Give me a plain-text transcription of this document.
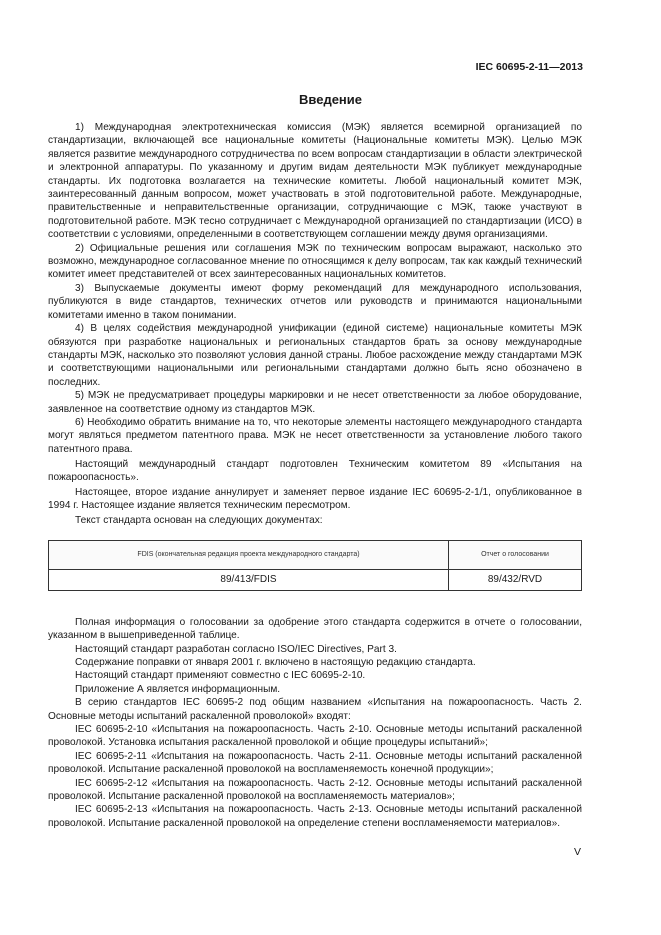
IEC 60695-2-11—2013
Введение

1) Международная электротехническая комиссия (МЭК) является всемирной организацией по стандартизации, включающей все национальные комитеты (Национальные комитеты МЭК). Целью МЭК является развитие международного сотрудничества по всем вопросам стандартизации в области электрической и электронной аппаратуры. По указанному и другим видам деятельности МЭК публикует международные стандарты. Их подготовка возлагается на технические комитеты. Любой национальный комитет МЭК, заинтересованный данным вопросом, может участвовать в этой подготовительной работе. Международные, правительственные и неправительственные организации, сотрудничающие с МЭК, также участвуют в подготовительной работе. МЭК тесно сотрудничает с Международной организацией по стандартизации (ИСО) в соответствии с условиями, определенными в соответствующем соглашении между двумя организациями.

2) Официальные решения или соглашения МЭК по техническим вопросам выражают, насколько это возможно, международное согласованное мнение по относящимся к делу вопросам, так как каждый технический комитет имеет представителей от всех заинтересованных национальных комитетов.

3) Выпускаемые документы имеют форму рекомендаций для международного использования, публикуются в виде стандартов, технических отчетов или руководств и принимаются национальными комитетами именно в таком понимании.

4) В целях содействия международной унификации (единой системе) национальные комитеты МЭК обязуются при разработке национальных и региональных стандартов брать за основу международные стандарты МЭК, насколько это позволяют условия данной страны. Любое расхождение между стандартами МЭК и соответствующими национальными или региональными стандартами должно быть ясно обозначено в последних.

5) МЭК не предусматривает процедуры маркировки и не несет ответственности за любое оборудование, заявленное на соответствие одному из стандартов МЭК.

6) Необходимо обратить внимание на то, что некоторые элементы настоящего международного стандарта могут являться предметом патентного права. МЭК не несет ответственности за установление любого такого патентного права.

Настоящий международный стандарт подготовлен Техническим комитетом 89 «Испытания на пожароопасность».

Настоящее, второе издание аннулирует и заменяет первое издание IEC 60695-2-1/1, опубликованное в 1994 г. Настоящее издание является техническим пересмотром.

Текст стандарта основан на следующих документах:

FDIS (окончательная редакция проекта международного стандарта)	Отчет о голосовании
89/413/FDIS	89/432/RVD

Полная информация о голосовании за одобрение этого стандарта содержится в отчете о голосовании, указанном в вышеприведенной таблице.

Настоящий стандарт разработан согласно ISO/IEC Directives, Part 3.

Содержание поправки от января 2001 г. включено в настоящую редакцию стандарта.

Настоящий стандарт применяют совместно с IEC 60695-2-10.

Приложение А является информационным.

В серию стандартов IEC 60695-2 под общим названием «Испытания на пожароопасность. Часть 2. Основные методы испытаний раскаленной проволокой» входят:

IEC 60695-2-10 «Испытания на пожароопасность. Часть 2-10. Основные методы испытаний раскаленной проволокой. Установка испытания раскаленной проволокой и общие процедуры испытаний»;

IEC 60695-2-11 «Испытания на пожароопасность. Часть 2-11. Основные методы испытаний раскаленной проволокой. Испытание раскаленной проволокой на воспламеняемость конечной продукции»;

IEC 60695-2-12 «Испытания на пожароопасность. Часть 2-12. Основные методы испытаний раскаленной проволокой. Испытание раскаленной проволокой на воспламеняемость материалов»;

IEC 60695-2-13 «Испытания на пожароопасность. Часть 2-13. Основные методы испытаний раскаленной проволокой. Испытание раскаленной проволокой на определение степени воспламеняемости материалов».

V
